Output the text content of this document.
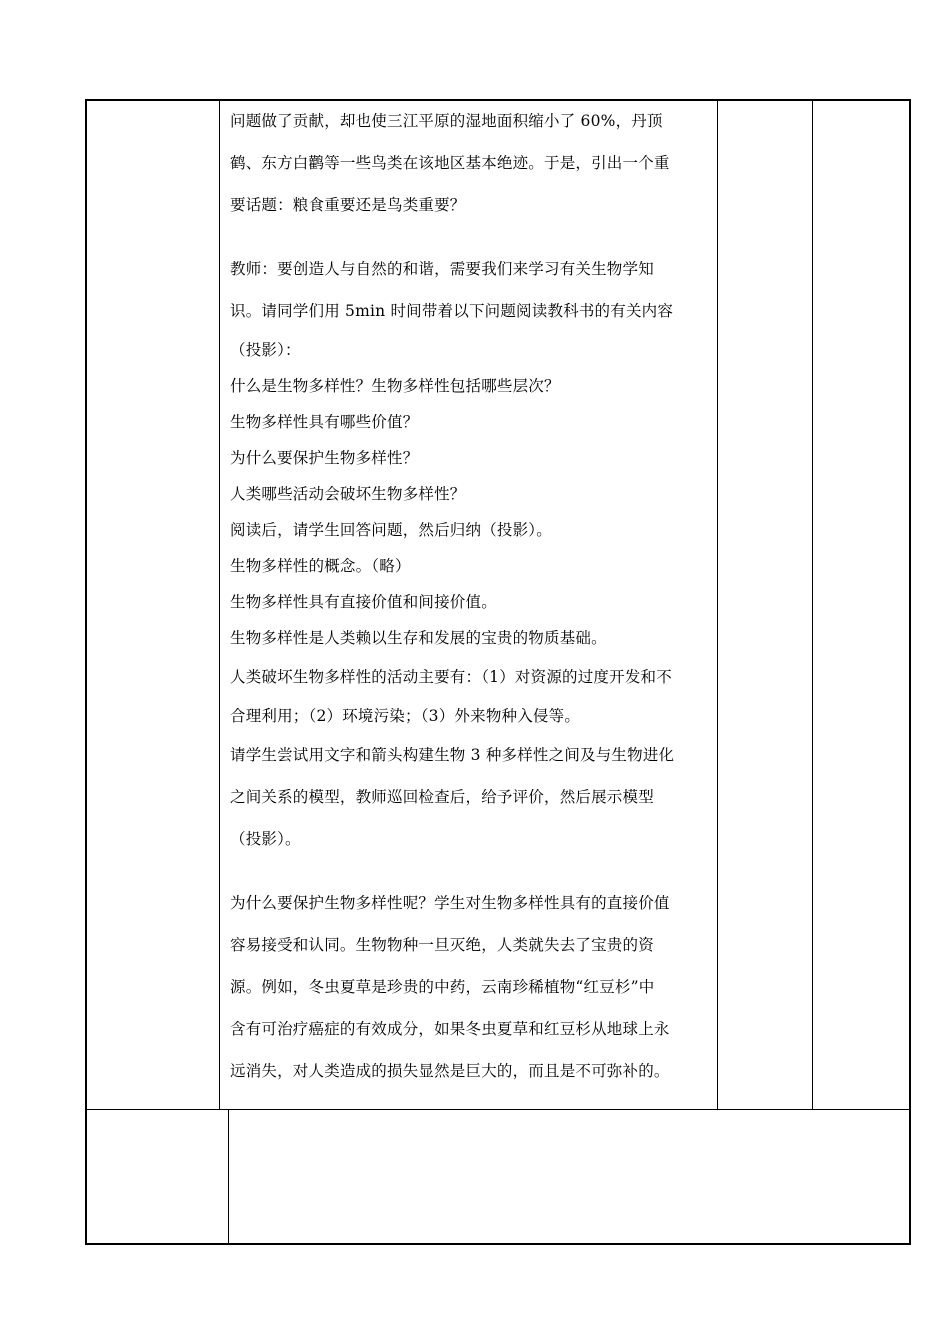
问题做了贡献，却也使三江平原的湿地面积缩小了 60%，丹顶

鹤、东方白鹳等一些鸟类在该地区基本绝迹。于是，引出一个重

要话题：粮食重要还是鸟类重要？

教师：要创造人与自然的和谐，需要我们来学习有关生物学知

识。请同学们用 5min 时间带着以下问题阅读教科书的有关内容

（投影）：

什么是生物多样性？生物多样性包括哪些层次？

生物多样性具有哪些价值？

为什么要保护生物多样性？

人类哪些活动会破坏生物多样性？

阅读后，请学生回答问题，然后归纳（投影）。

生物多样性的概念。（略）

生物多样性具有直接价值和间接价值。

生物多样性是人类赖以生存和发展的宝贵的物质基础。

人类破坏生物多样性的活动主要有：（1）对资源的过度开发和不

合理利用；（2）环境污染；（3）外来物种入侵等。

请学生尝试用文字和箭头构建生物 3 种多样性之间及与生物进化

之间关系的模型，教师巡回检查后，给予评价，然后展示模型

（投影）。

为什么要保护生物多样性呢？学生对生物多样性具有的直接价值

容易接受和认同。生物物种一旦灭绝，人类就失去了宝贵的资

源。例如，冬虫夏草是珍贵的中药，云南珍稀植物“红豆杉”中

含有可治疗癌症的有效成分，如果冬虫夏草和红豆杉从地球上永

远消失，对人类造成的损失显然是巨大的，而且是不可弥补的。
